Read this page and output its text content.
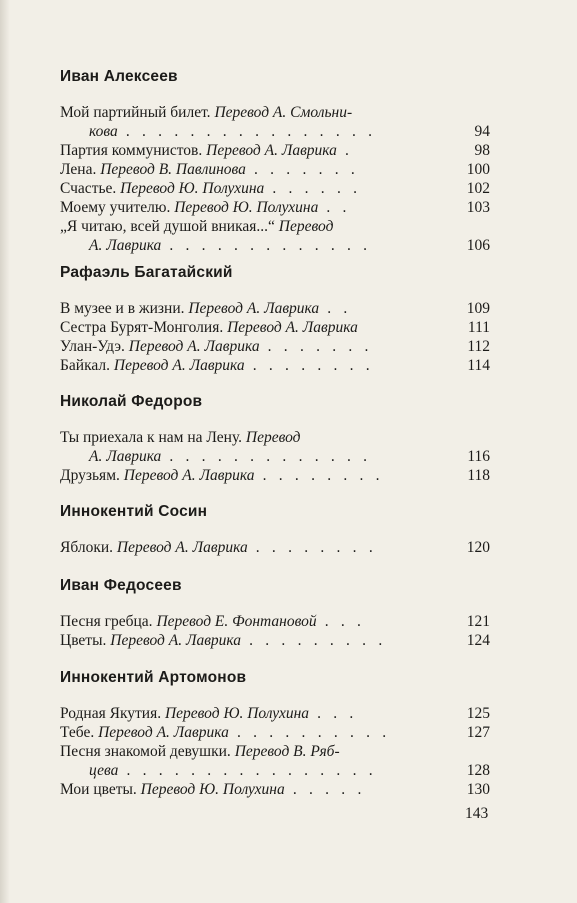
Иван Алексеев
Мой партийный билет. Перевод А. Смольни-
кова . . . . . . . . . . . . . . . .	94
Партия коммунистов. Перевод А. Лаврика .	98
Лена. Перевод В. Павлинова . . . . . . .	100
Счастье. Перевод Ю. Полухина . . . . . .	102
Моему учителю. Перевод Ю. Полухина . .	103
„Я читаю, всей душой вникая...“ Перевод
А. Лаврика . . . . . . . . . . . . .	106
Рафаэль Багатайский
В музее и в жизни. Перевод А. Лаврика . .	109
Сестра Бурят-Монголия. Перевод А. Лаврика	111
Улан-Удэ. Перевод А. Лаврика . . . . . . .	112
Байкал. Перевод А. Лаврика . . . . . . . .	114
Николай Федоров
Ты приехала к нам на Лену. Перевод
А. Лаврика . . . . . . . . . . . . .	116
Друзьям. Перевод А. Лаврика . . . . . . . .	118
Иннокентий Сосин
Яблоки. Перевод А. Лаврика . . . . . . . .	120
Иван Федосеев
Песня гребца. Перевод Е. Фонтановой . . .	121
Цветы. Перевод А. Лаврика . . . . . . . . .	124
Иннокентий Артомонов
Родная Якутия. Перевод Ю. Полухина . . .	125
Тебе. Перевод А. Лаврика . . . . . . . . . .	127
Песня знакомой девушки. Перевод В. Ряб-
цева . . . . . . . . . . . . . . . .	128
Мои цветы. Перевод Ю. Полухина . . . . .	130
143
